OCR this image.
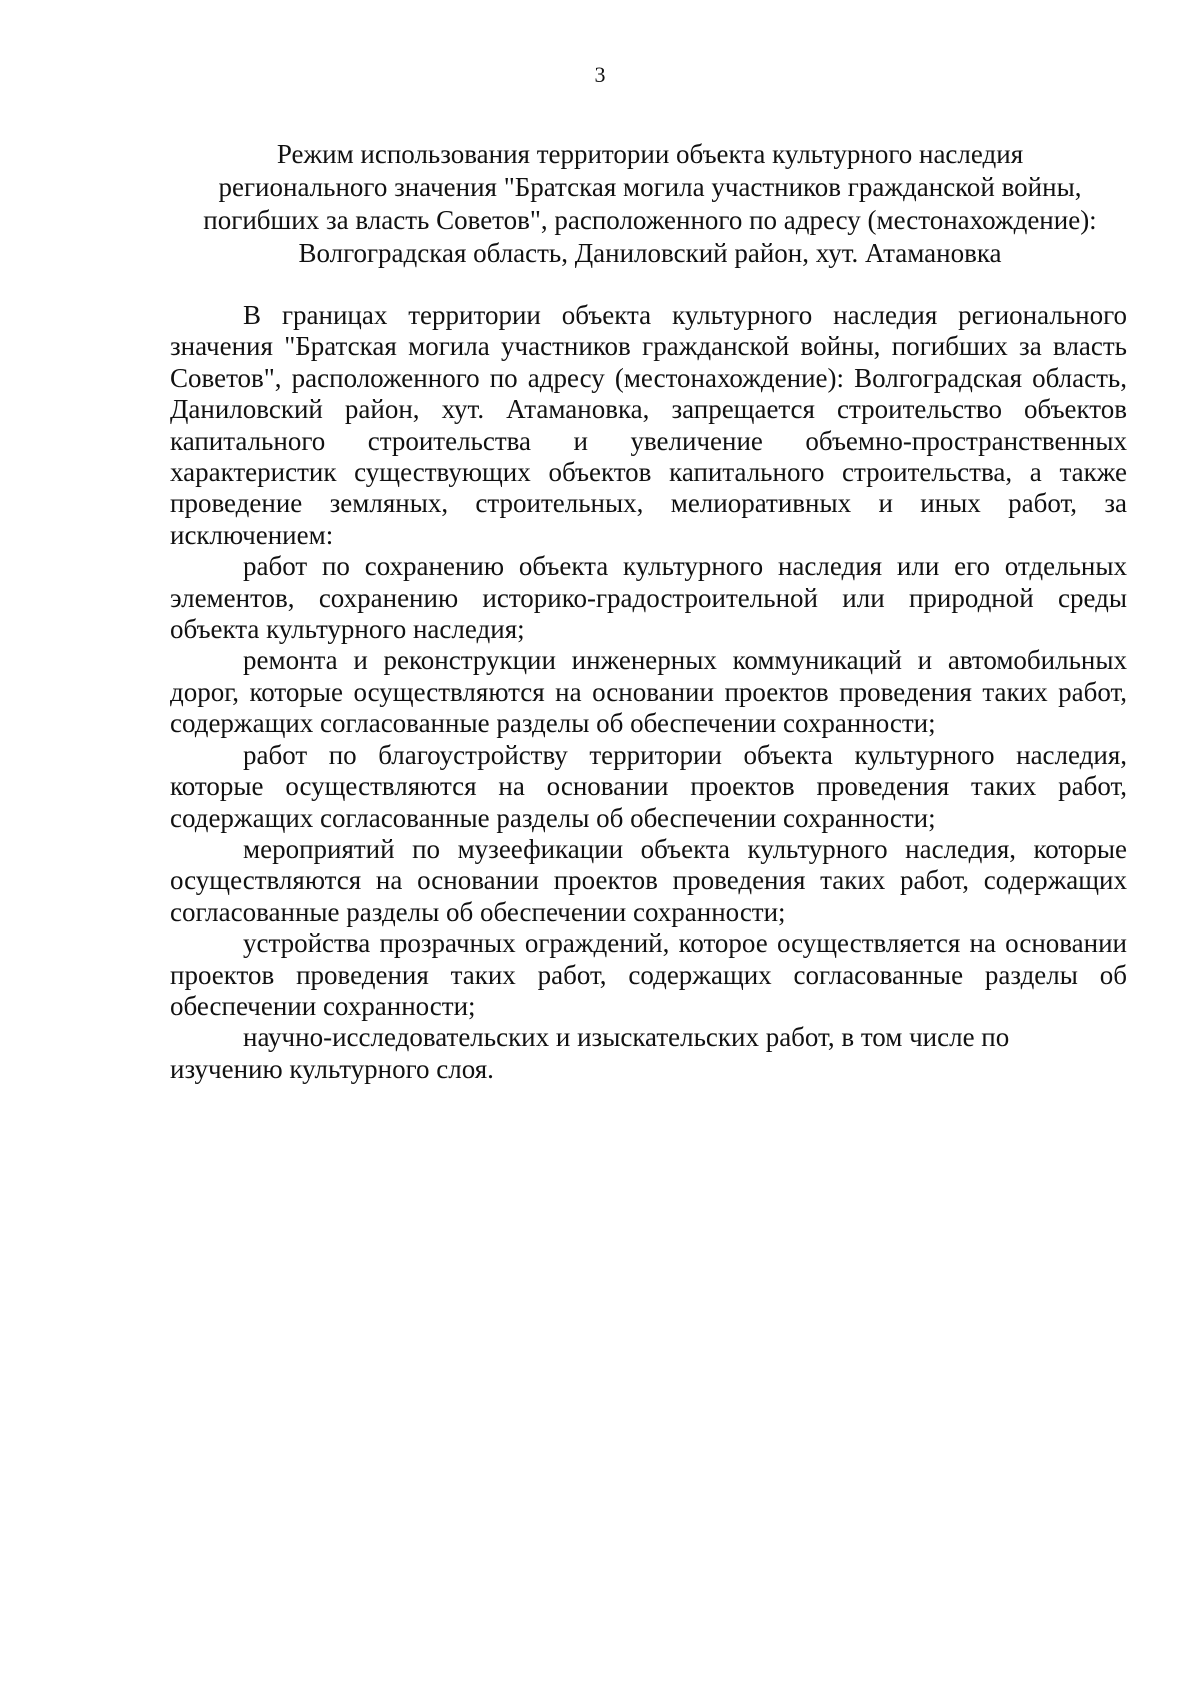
3
Режим использования территории объекта культурного наследия
регионального значения "Братская могила участников гражданской войны,
погибших за власть Советов", расположенного по адресу (местонахождение):
Волгоградская область, Даниловский район, хут. Атамановка

В границах территории объекта культурного наследия регионального значения "Братская могила участников гражданской войны, погибших за власть Советов", расположенного по адресу (местонахождение): Волгоградская область, Даниловский район, хут. Атамановка, запрещается строительство объектов капитального строительства и увеличение объемно-пространственных характеристик существующих объектов капитального строительства, а также проведение земляных, строительных, мелиоративных и иных работ, за исключением:

работ по сохранению объекта культурного наследия или его отдельных элементов, сохранению историко-градостроительной или природной среды объекта культурного наследия;

ремонта и реконструкции инженерных коммуникаций и автомобильных дорог, которые осуществляются на основании проектов проведения таких работ, содержащих согласованные разделы об обеспечении сохранности;

работ по благоустройству территории объекта культурного наследия, которые осуществляются на основании проектов проведения таких работ, содержащих согласованные разделы об обеспечении сохранности;

мероприятий по музеефикации объекта культурного наследия, которые осуществляются на основании проектов проведения таких работ, содержащих согласованные разделы об обеспечении сохранности;

устройства прозрачных ограждений, которое осуществляется на основании проектов проведения таких работ, содержащих согласованные разделы об обеспечении сохранности;

научно-исследовательских и изыскательских работ, в том числе по изучению культурного слоя.
